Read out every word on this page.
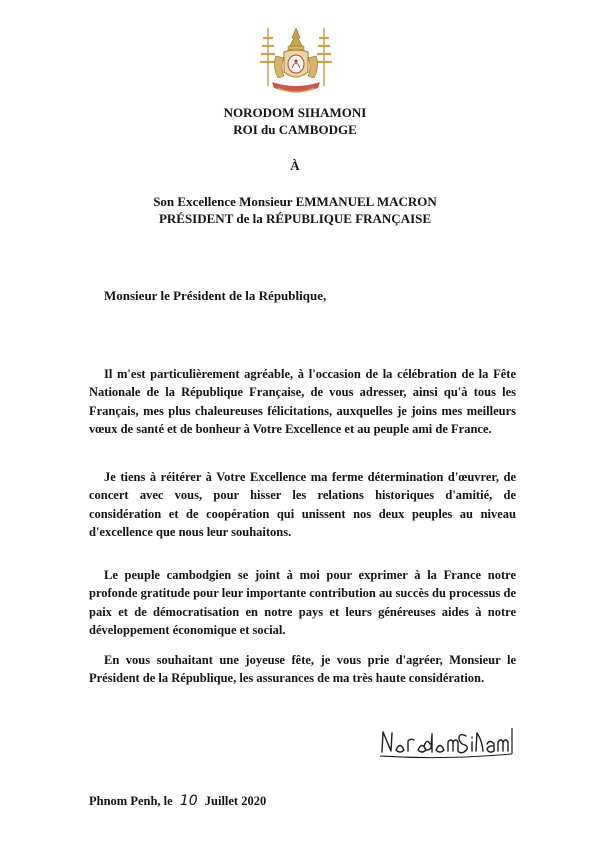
NORODOM SIHAMONI
ROI du CAMBODGE
À
Son Excellence Monsieur EMMANUEL MACRON
PRÉSIDENT de la RÉPUBLIQUE FRANÇAISE
Monsieur le Président de la République,

Il m'est particulièrement agréable, à l'occasion de la célébration de la Fête Nationale de la République Française, de vous adresser, ainsi qu'à tous les Français, mes plus chaleureuses félicitations, auxquelles je joins mes meilleurs vœux de santé et de bonheur à Votre Excellence et au peuple ami de France.

Je tiens à réitérer à Votre Excellence ma ferme détermination d'œuvrer, de concert avec vous, pour hisser les relations historiques d'amitié, de considération et de coopération qui unissent nos deux peuples au niveau d'excellence que nous leur souhaitons.

Le peuple cambodgien se joint à moi pour exprimer à la France notre profonde gratitude pour leur importante contribution au succès du processus de paix et de démocratisation en notre pays et leurs généreuses aides à notre développement économique et social.

En vous souhaitant une joyeuse fête, je vous prie d'agréer, Monsieur le Président de la République, les assurances de ma très haute considération.

Phnom Penh, le 10 Juillet 2020
